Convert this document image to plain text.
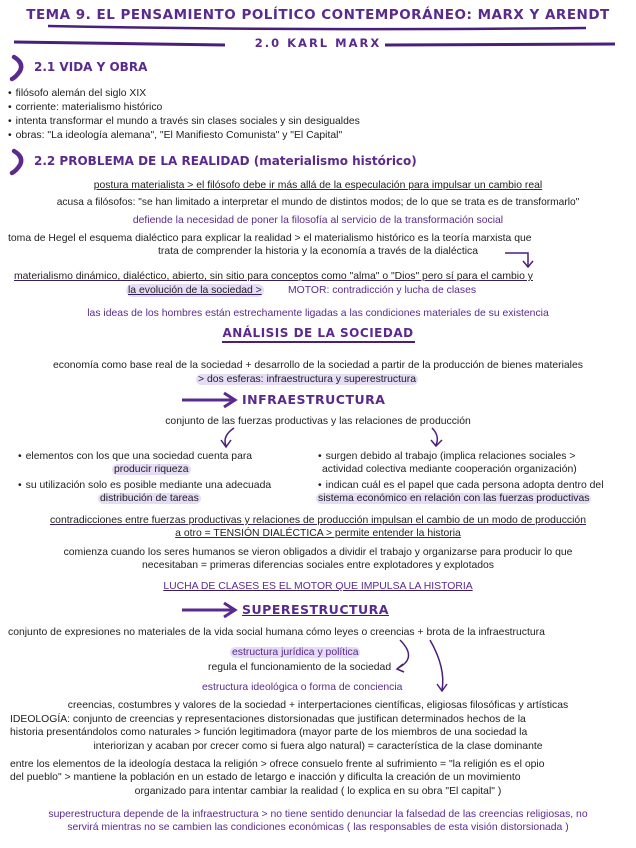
TEMA 9. EL PENSAMIENTO POLÍTICO CONTEMPORÁNEO: MARX Y ARENDT
2.0 KARL MARX
2.1 VIDA Y OBRA
• filósofo alemán del siglo XIX
• corriente: materialismo histórico
• intenta transformar el mundo a través sin clases sociales y sin desigualdes
• obras: "La ideología alemana", "El Manifiesto Comunista" y "El Capital"
2.2 PROBLEMA DE LA REALIDAD (materialismo histórico)
postura materialista > el filósofo debe ir más allá de la especulación para impulsar un cambio real
acusa a filósofos: "se han limitado a interpretar el mundo de distintos modos; de lo que se trata es de transformarlo"
defiende la necesidad de poner la filosofía al servicio de la transformación social
toma de Hegel el esquema dialéctico para explicar la realidad > el materialismo histórico es la teoría marxista que
trata de comprender la historia y la economía a través de la dialéctica
materialismo dinámico, dialéctico, abierto, sin sitio para conceptos como "alma" o "Dios" pero sí para el cambio y
la evolución de la sociedad >	MOTOR: contradicción y lucha de clases
las ideas de los hombres están estrechamente ligadas a las condiciones materiales de su existencia
ANÁLISIS DE LA SOCIEDAD
economía como base real de la sociedad + desarrollo de la sociedad a partir de la producción de bienes materiales
> dos esferas: infraestructura y superestructura
INFRAESTRUCTURA
conjunto de las fuerzas productivas y las relaciones de producción
• elementos con los que una sociedad cuenta para
producir riqueza
• su utilización solo es posible mediante una adecuada
distribución de tareas
• surgen debido al trabajo (implica relaciones sociales >
actividad colectiva mediante cooperación organización)
• indican cuál es el papel que cada persona adopta dentro del
sistema económico en relación con las fuerzas productivas
contradicciones entre fuerzas productivas y relaciones de producción impulsan el cambio de un modo de producción
a otro = TENSIÓN DIALÉCTICA > permite entender la historia
comienza cuando los seres humanos se vieron obligados a dividir el trabajo y organizarse para producir lo que
necesitaban = primeras diferencias sociales entre explotadores y explotados
LUCHA DE CLASES ES EL MOTOR QUE IMPULSA LA HISTORIA
SUPERESTRUCTURA
conjunto de expresiones no materiales de la vida social humana cómo leyes o creencias + brota de la infraestructura
estructura jurídica y política
regula el funcionamiento de la sociedad
estructura ideológica o forma de conciencia
creencias, costumbres y valores de la sociedad + interpertaciones científicas, eligiosas filosóficas y artísticas
IDEOLOGÍA: conjunto de creencias y representaciones distorsionadas que justifican determinados hechos de la
historia presentándolos como naturales > función legitimadora (mayor parte de los miembros de una sociedad la
interiorizan y acaban por crecer como si fuera algo natural) = característica de la clase dominante
entre los elementos de la ideología destaca la religión > ofrece consuelo frente al sufrimiento = "la religión es el opio
del pueblo" > mantiene la población en un estado de letargo e inacción y dificulta la creación de un movimiento
organizado para intentar cambiar la realidad ( lo explica en su obra "El capital" )
superestructura depende de la infraestructura > no tiene sentido denunciar la falsedad de las creencias religiosas, no
servirá mientras no se cambien las condiciones económicas ( las responsables de esta visión distorsionada )
